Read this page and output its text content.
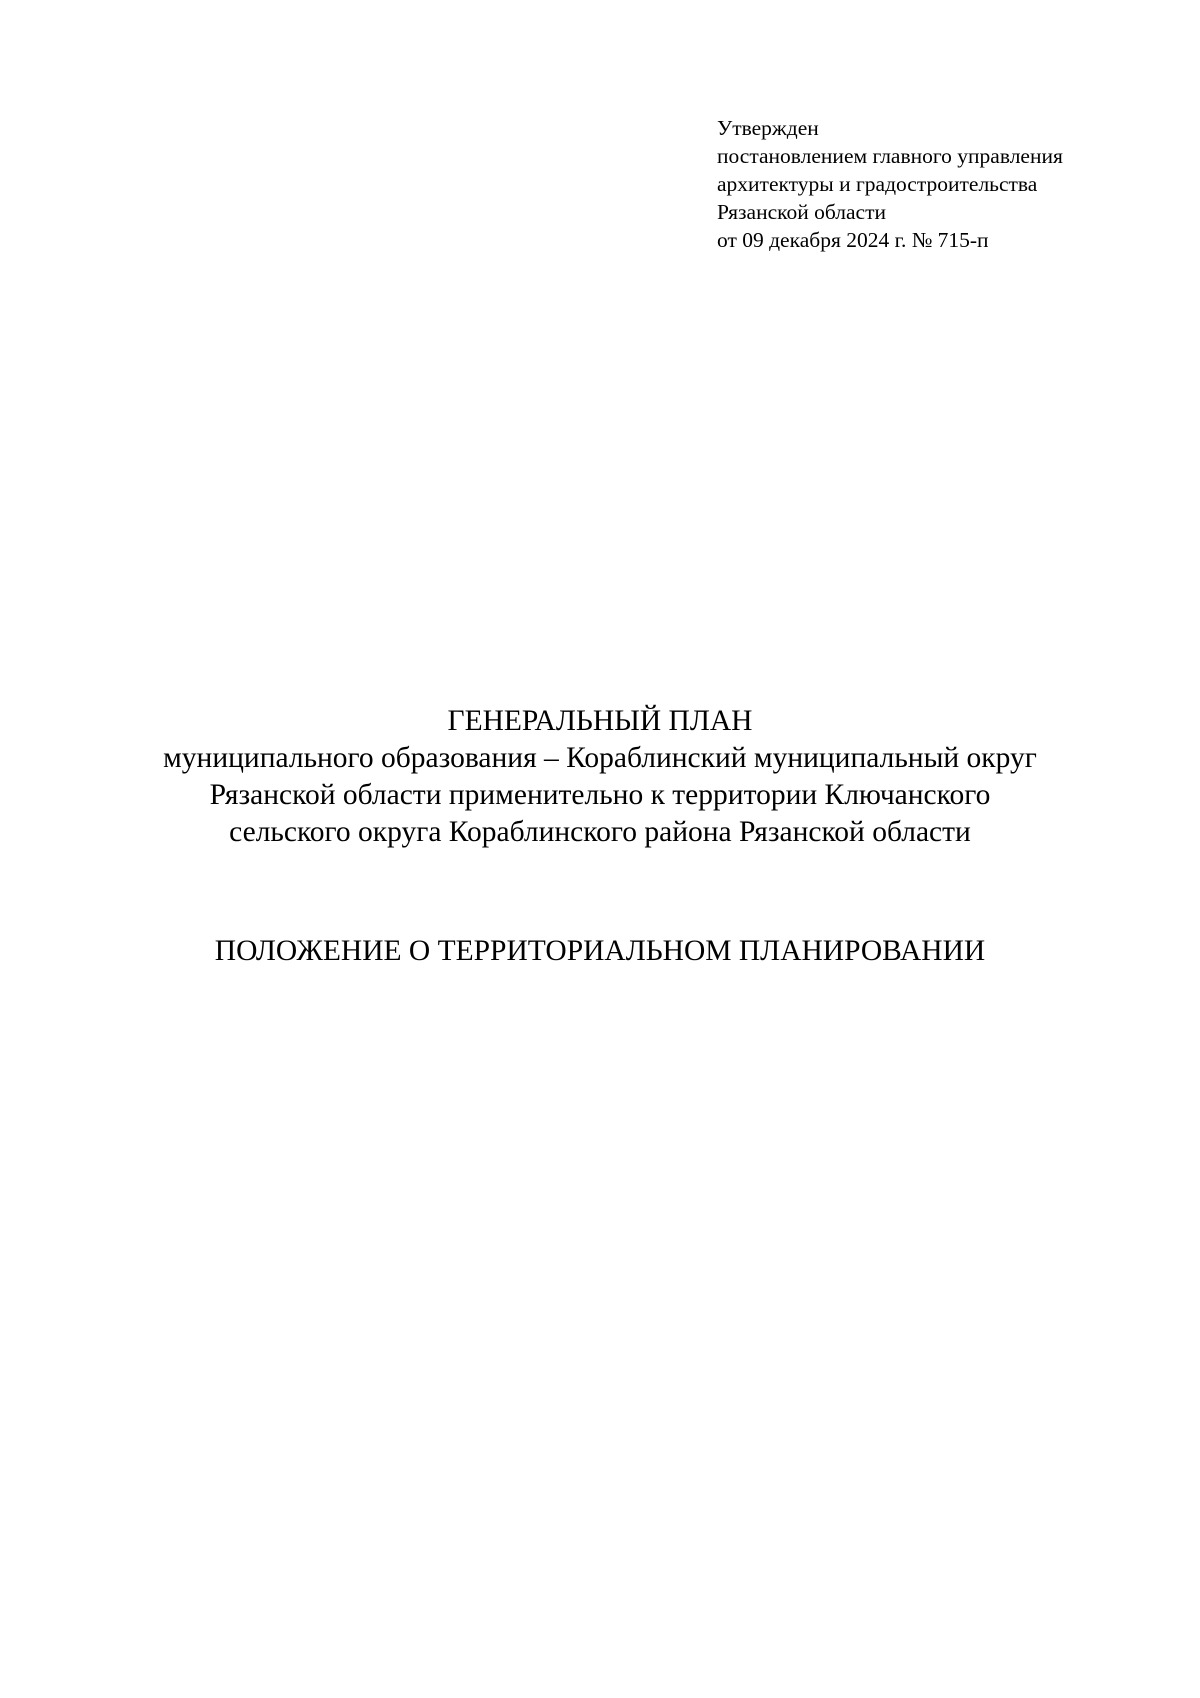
Утвержден
постановлением главного управления
архитектуры и градостроительства
Рязанской области
от 09 декабря 2024 г. № 715-п
ГЕНЕРАЛЬНЫЙ ПЛАН
муниципального образования – Кораблинский муниципальный округ
Рязанской области применительно к территории Ключанского
сельского округа Кораблинского района Рязанской области
ПОЛОЖЕНИЕ О ТЕРРИТОРИАЛЬНОМ ПЛАНИРОВАНИИ
